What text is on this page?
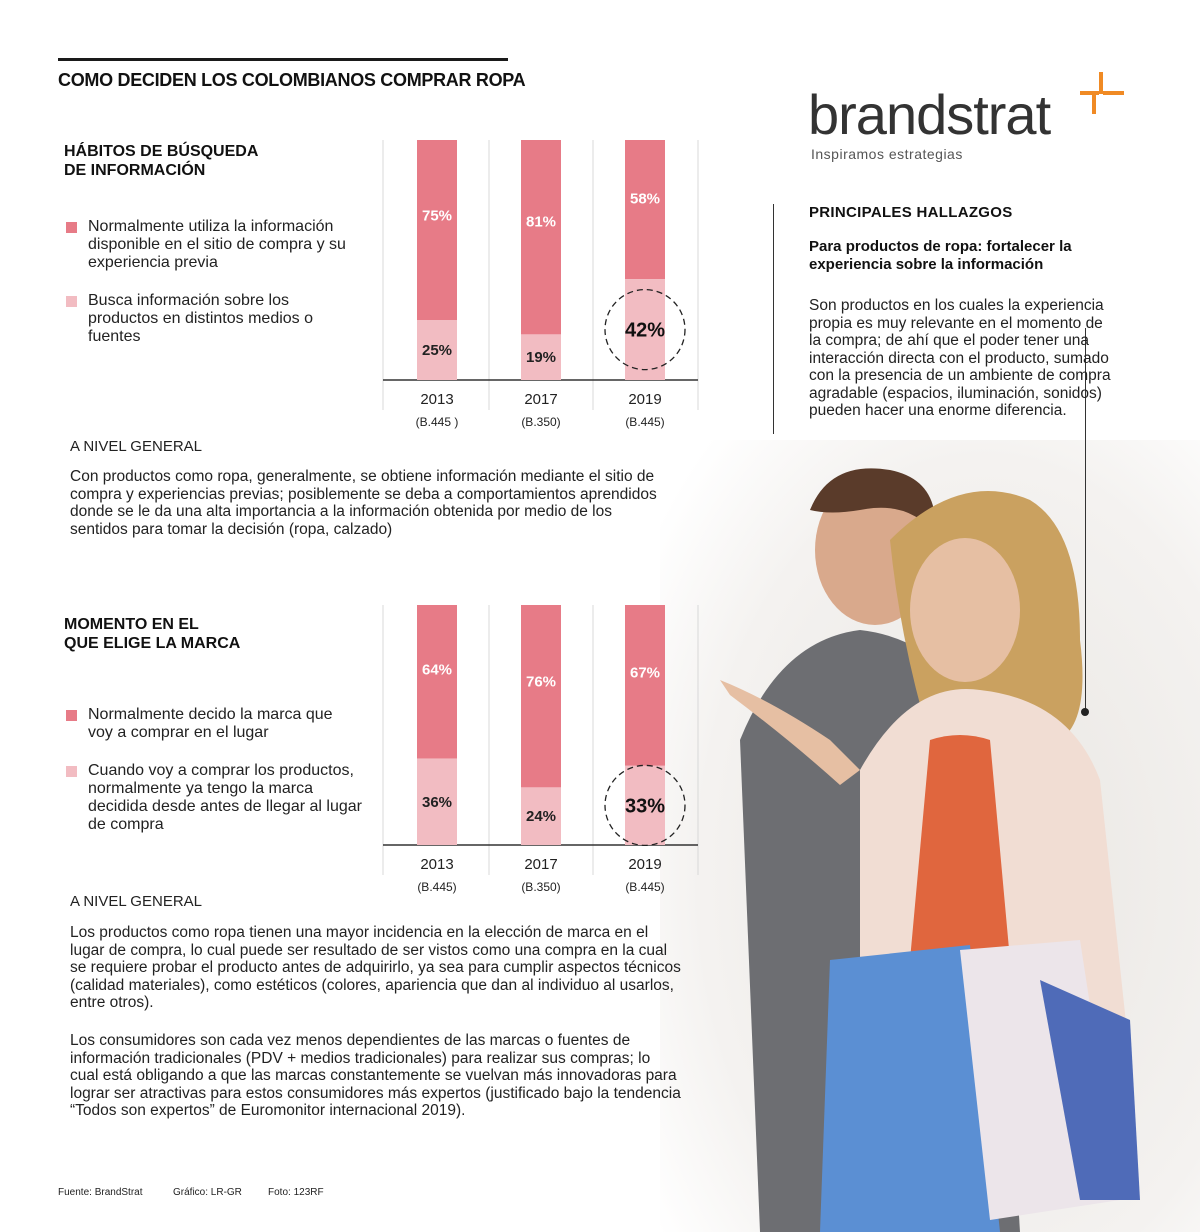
COMO DECIDEN LOS COLOMBIANOS COMPRAR ROPA
brandstrat
Inspiramos estrategias
HÁBITOS DE BÚSQUEDA
DE INFORMACIÓN
Normalmente utiliza la información disponible en el sitio de compra y su experiencia previa
Busca información sobre los productos en distintos medios o fuentes
75%
25%
2013
(B.445 )
81%
19%
2017
(B.350)
58%
42%
2019
(B.445)
A NIVEL GENERAL
Con productos como ropa, generalmente, se obtiene información mediante el sitio de compra y experiencias previas; posiblemente se deba a comportamientos aprendidos donde se le da una alta importancia a la información obtenida por medio de los sentidos para tomar la decisión (ropa, calzado)
MOMENTO EN EL
QUE ELIGE LA MARCA
Normalmente decido la marca que voy a comprar en el lugar
Cuando voy a comprar los productos, normalmente ya tengo la marca decidida desde antes de llegar al lugar de compra
64%
36%
2013
(B.445)
76%
24%
2017
(B.350)
67%
33%
2019
(B.445)
A NIVEL GENERAL
Los productos como ropa tienen una mayor incidencia en la elección de marca en el lugar de compra, lo cual puede ser resultado de ser vistos como una compra en la cual se requiere probar el producto antes de adquirirlo, ya sea para cumplir aspectos técnicos (calidad materiales), como estéticos (colores, apariencia que dan al individuo al usarlos, entre otros).
Los consumidores son cada vez menos dependientes de las marcas o fuentes de información tradicionales (PDV + medios tradicionales) para realizar sus compras; lo cual está obligando a que las marcas constantemente se vuelvan más innovadoras para lograr ser atractivas para estos consumidores más expertos (justificado bajo la tendencia “Todos son expertos” de Euromonitor internacional 2019).
PRINCIPALES HALLAZGOS
Para productos de ropa: fortalecer la experiencia sobre la información
Son productos en los cuales la experiencia propia es muy relevante en el momento de la compra; de ahí que el poder tener una interacción directa con el producto, sumado con la presencia de un ambiente de compra agradable (espacios, iluminación, sonidos) pueden hacer una enorme diferencia.
Fuente: BrandStrat	Gráfico: LR-GR	Foto: 123RF
